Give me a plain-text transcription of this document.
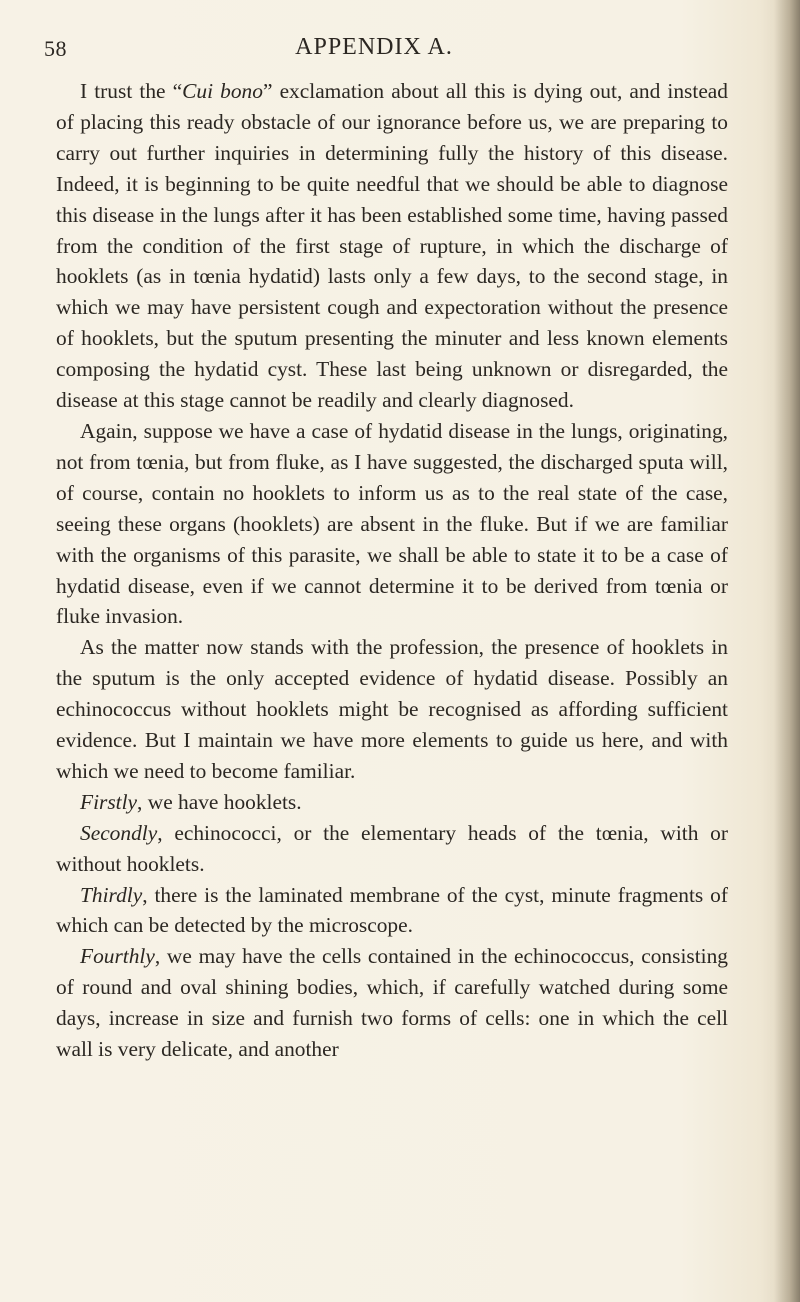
58	APPENDIX A.

I trust the “Cui bono” exclamation about all this is dying out, and instead of placing this ready obstacle of our ignorance before us, we are preparing to carry out further inquiries in determining fully the history of this disease. Indeed, it is beginning to be quite needful that we should be able to diagnose this disease in the lungs after it has been established some time, having passed from the condition of the first stage of rupture, in which the discharge of hooklets (as in tœnia hydatid) lasts only a few days, to the second stage, in which we may have persistent cough and expectoration without the presence of hooklets, but the sputum presenting the minuter and less known elements composing the hydatid cyst. These last being unknown or disregarded, the disease at this stage cannot be readily and clearly diagnosed.

Again, suppose we have a case of hydatid disease in the lungs, originating, not from tœnia, but from fluke, as I have suggested, the discharged sputa will, of course, contain no hooklets to inform us as to the real state of the case, seeing these organs (hooklets) are absent in the fluke. But if we are familiar with the organisms of this parasite, we shall be able to state it to be a case of hydatid disease, even if we cannot determine it to be derived from tœnia or fluke invasion.

As the matter now stands with the profession, the presence of hooklets in the sputum is the only accepted evidence of hydatid disease. Possibly an echinococcus without hooklets might be recognised as affording sufficient evidence. But I maintain we have more elements to guide us here, and with which we need to become familiar.

Firstly, we have hooklets.

Secondly, echinococci, or the elementary heads of the tœnia, with or without hooklets.

Thirdly, there is the laminated membrane of the cyst, minute fragments of which can be detected by the microscope.

Fourthly, we may have the cells contained in the echinococcus, consisting of round and oval shining bodies, which, if carefully watched during some days, increase in size and furnish two forms of cells: one in which the cell wall is very delicate, and another
